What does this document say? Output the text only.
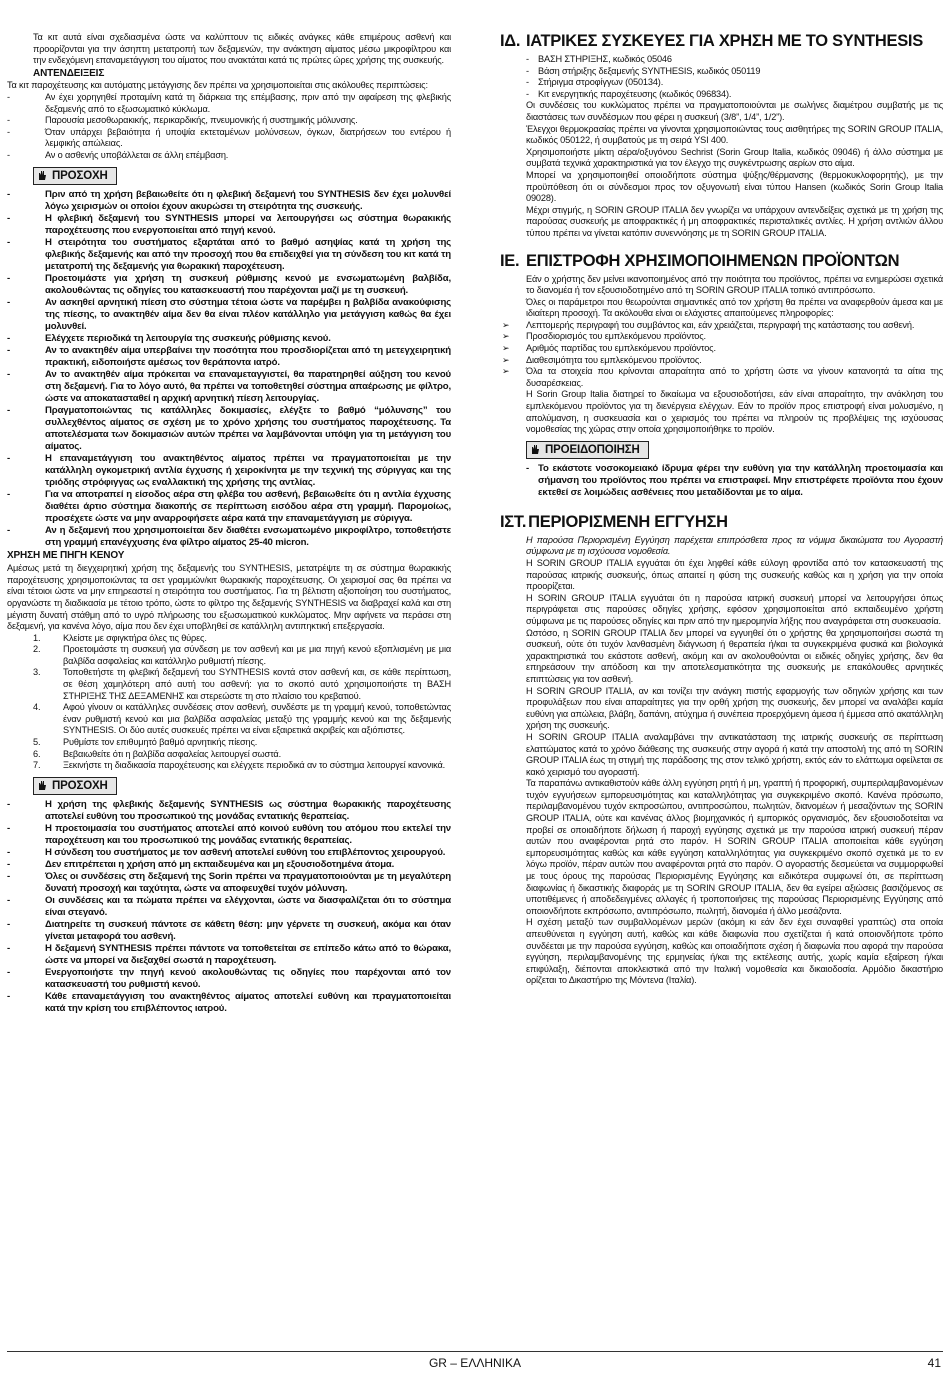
Τα κιτ αυτά είναι σχεδιασμένα ώστε να καλύπτουν τις ειδικές ανάγκες κάθε επιμέρους ασθενή και προορίζονται για την άσηπτη μετατροπή των δεξαμενών, την ανάκτηση αίματος μέσω μικροφίλτρου και την ενδεχόμενη επαναμετάγγιση του αίματος που ανακτάται κατά τις πρώτες ώρες χρήσης της συσκευής.

ΑΝΤΕΝΔΕΙΞΕΙΣ

Τα κιτ παροχέτευσης και αυτόματης μετάγγισης δεν πρέπει να χρησιμοποιείται στις ακόλουθες περιπτώσεις:

-	Αν έχει χορηγηθεί προταμίνη κατά τη διάρκεια της επέμβασης, πριν από την αφαίρεση της φλεβικής δεξαμενής από το εξωσωματικό κύκλωμα.
-	Παρουσία μεσοθωρακικής, περικαρδικής, πνευμονικής ή συστημικής μόλυνσης.
-	Όταν υπάρχει βεβαιότητα ή υποψία εκτεταμένων μολύνσεων, όγκων, διατρήσεων του εντέρου ή λεμφικής απώλειας.
-	Αν ο ασθενής υποβάλλεται σε άλλη επέμβαση.
ΠΡΟΣΟΧΗ
-	Πριν από τη χρήση βεβαιωθείτε ότι η φλεβική δεξαμενή του SYNTHESIS δεν έχει μολυνθεί λόγω χειρισμών οι οποίοι έχουν ακυρώσει τη στειρότητα της συσκευής.
-	Η φλεβική δεξαμενή του SYNTHESIS μπορεί να λειτουργήσει ως σύστημα θωρακικής παροχέτευσης που ενεργοποιείται από πηγή κενού.
-	Η στειρότητα του συστήματος εξαρτάται από το βαθμό ασηψίας κατά τη χρήση της φλεβικής δεξαμενής και από την προσοχή που θα επιδειχθεί για τη σύνδεση του κιτ κατά τη μετατροπή της δεξαμενής για θωρακική παροχέτευση.
-	Προετοιμάστε για χρήση τη συσκευή ρύθμισης κενού με ενσωματωμένη βαλβίδα, ακολουθώντας τις οδηγίες του κατασκευαστή που παρέχονται μαζί με τη συσκευή.
-	Αν ασκηθεί αρνητική πίεση στο σύστημα τέτοια ώστε να παρέμβει η βαλβίδα ανακούφισης της πίεσης, το ανακτηθέν αίμα δεν θα είναι πλέον κατάλληλο για μετάγγιση καθώς θα έχει μολυνθεί.
-	Ελέγχετε περιοδικά τη λειτουργία της συσκευής ρύθμισης κενού.
-	Αν το ανακτηθέν αίμα υπερβαίνει την ποσότητα που προσδιορίζεται από τη μετεγχειρητική πρακτική, ειδοποιήστε αμέσως τον θεράποντα ιατρό.
-	Αν το ανακτηθέν αίμα πρόκειται να επαναμεταγγιστεί, θα παρατηρηθεί αύξηση του κενού στη δεξαμενή. Για το λόγο αυτό, θα πρέπει να τοποθετηθεί σύστημα απαέρωσης με φίλτρο, ώστε να αποκατασταθεί η αρχική αρνητική πίεση λειτουργίας.
-	Πραγματοποιώντας τις κατάλληλες δοκιμασίες, ελέγξτε το βαθμό “μόλυνσης” του συλλεχθέντος αίματος σε σχέση με το χρόνο χρήσης του συστήματος παροχέτευσης. Τα αποτελέσματα των δοκιμασιών αυτών πρέπει να λαμβάνονται υπόψη για τη μετάγγιση του αίματος.
-	Η επαναμετάγγιση του ανακτηθέντος αίματος πρέπει να πραγματοποιείται με την κατάλληλη ογκομετρική αντλία έγχυσης ή χειροκίνητα με την τεχνική της σύριγγας και της τριόδης στρόφιγγας ως εναλλακτική της χρήσης της αντλίας.
-	Για να αποτραπεί η είσοδος αέρα στη φλέβα του ασθενή, βεβαιωθείτε ότι η αντλία έγχυσης διαθέτει άρτιο σύστημα διακοπής σε περίπτωση εισόδου αέρα στη γραμμή. Παρομοίως, προσέχετε ώστε να μην αναρροφήσετε αέρα κατά την επαναμετάγγιση με σύριγγα.
-	Αν η δεξαμενή που χρησιμοποιείται δεν διαθέτει ενσωματωμένο μικροφίλτρο, τοποθετήστε στη γραμμή επανέγχυσης ένα φίλτρο αίματος 25-40 micron.
ΧΡΗΣΗ ΜΕ ΠΗΓΗ ΚΕΝΟΥ

Αμέσως μετά τη διεγχειρητική χρήση της δεξαμενής του SYNTHESIS, μετατρέψτε τη σε σύστημα θωρακικής παροχέτευσης χρησιμοποιώντας τα σετ γραμμών/κιτ θωρακικής παροχέτευσης. Οι χειρισμοί σας θα πρέπει να είναι τέτοιοι ώστε να μην επηρεαστεί η στειρότητα του συστήματος. Για τη βέλτιστη αξιοποίηση του συστήματος, οργανώστε τη διαδικασία με τέτοιο τρόπο, ώστε το φίλτρο της δεξαμενής SYNTHESIS να διαβραχεί καλά και στη μέγιστη δυνατή στάθμη από το υγρό πλήρωσης του εξωσωματικού κυκλώματος. Μην αφήνετε να περάσει στη δεξαμενή, για κανένα λόγο, αίμα που δεν έχει υποβληθεί σε κατάλληλη αντιπηκτική επεξεργασία.

1. Κλείστε με σφιγκτήρα όλες τις θύρες.
2. Προετοιμάστε τη συσκευή για σύνδεση με τον ασθενή και με μια πηγή κενού εξοπλισμένη με μια βαλβίδα ασφαλείας και κατάλληλο ρυθμιστή πίεσης.
3. Τοποθετήστε τη φλεβική δεξαμενή του SYNTHESIS κοντά στον ασθενή και, σε κάθε περίπτωση, σε θέση χαμηλότερη από αυτή του ασθενή: για το σκοπό αυτό χρησιμοποιήστε τη ΒΑΣΗ ΣΤΗΡΙΞΗΣ ΤΗΣ ΔΕΞΑΜΕΝΗΣ και στερεώστε τη στο πλαίσιο του κρεβατιού.
4. Αφού γίνουν οι κατάλληλες συνδέσεις στον ασθενή, συνδέστε με τη γραμμή κενού, τοποθετώντας έναν ρυθμιστή κενού και μια βαλβίδα ασφαλείας μεταξύ της γραμμής κενού και της δεξαμενής SYNTHESIS. Οι δύο αυτές συσκευές πρέπει να είναι εξαιρετικά ακριβείς και αξιόπιστες.
5. Ρυθμίστε τον επιθυμητό βαθμό αρνητικής πίεσης.
6. Βεβαιωθείτε ότι η βαλβίδα ασφαλείας λειτουργεί σωστά.
7. Ξεκινήστε τη διαδικασία παροχέτευσης και ελέγχετε περιοδικά αν το σύστημα λειτουργεί κανονικά.
ΠΡΟΣΟΧΗ
-	Η χρήση της φλεβικής δεξαμενής SYNTHESIS ως σύστημα θωρακικής παροχέτευσης αποτελεί ευθύνη του προσωπικού της μονάδας εντατικής θεραπείας.
-	Η προετοιμασία του συστήματος αποτελεί από κοινού ευθύνη του ατόμου που εκτελεί την παροχέτευση και του προσωπικού της μονάδας εντατικής θεραπείας.
-	Η σύνδεση του συστήματος με τον ασθενή αποτελεί ευθύνη του επιβλέποντος χειρουργού.
-	Δεν επιτρέπεται η χρήση από μη εκπαιδευμένα και μη εξουσιοδοτημένα άτομα.
-	Όλες οι συνδέσεις στη δεξαμενή της Sorin πρέπει να πραγματοποιούνται με τη μεγαλύτερη δυνατή προσοχή και ταχύτητα, ώστε να αποφευχθεί τυχόν μόλυνση.
-	Οι συνδέσεις και τα πώματα πρέπει να ελέγχονται, ώστε να διασφαλίζεται ότι το σύστημα είναι στεγανό.
-	Διατηρείτε τη συσκευή πάντοτε σε κάθετη θέση: μην γέρνετε τη συσκευή, ακόμα και όταν γίνεται μεταφορά του ασθενή.
-	Η δεξαμενή SYNTHESIS πρέπει πάντοτε να τοποθετείται σε επίπεδο κάτω από το θώρακα, ώστε να μπορεί να διεξαχθεί σωστά η παροχέτευση.
-	Ενεργοποιήστε την πηγή κενού ακολουθώντας τις οδηγίες που παρέχονται από τον κατασκευαστή του ρυθμιστή κενού.
-	Κάθε επαναμετάγγιση του ανακτηθέντος αίματος αποτελεί ευθύνη και πραγματοποιείται κατά την κρίση του επιβλέποντος ιατρού.
ΙΔ. ΙΑΤΡΙΚΕΣ ΣΥΣΚΕΥΕΣ ΓΙΑ ΧΡΗΣΗ ΜΕ ΤΟ SYNTHESIS
- ΒΑΣΗ ΣΤΗΡΙΞΗΣ, κωδικός 05046
- Βάση στήριξης δεξαμενής SYNTHESIS, κωδικός 050119
- Στήριγμα στροφίγγων (050134).
- Κιτ ενεργητικής παροχέτευσης (κωδικός 096834).

Οι συνδέσεις του κυκλώματος πρέπει να πραγματοποιούνται με σωλήνες διαμέτρου συμβατής με τις διαστάσεις των συνδέσμων που φέρει η συσκευή (3/8”, 1/4”, 1/2”).

Έλεγχοι θερμοκρασίας πρέπει να γίνονται χρησιμοποιώντας τους αισθητήρες της SORIN GROUP ITALIA, κωδικός 050122, ή συμβατούς με τη σειρά YSI 400.

Χρησιμοποιήστε μίκτη αέρα/οξυγόνου Sechrist (Sorin Group Italia, κωδικός 09046) ή άλλο σύστημα με συμβατά τεχνικά χαρακτηριστικά για τον έλεγχο της συγκέντρωσης αερίων στο αίμα.

Μπορεί να χρησιμοποιηθεί οποιοδήποτε σύστημα ψύξης/θέρμανσης (θερμοκυκλοφορητής), με την προϋπόθεση ότι οι σύνδεσμοι προς τον οξυγονωτή είναι τύπου Hansen (κωδικός Sorin Group Italia 09028).

Μέχρι στιγμής, η SORIN GROUP ITALIA δεν γνωρίζει να υπάρχουν αντενδείξεις σχετικά με τη χρήση της παρούσας συσκευής με αποφρακτικές ή μη αποφρακτικές περισταλτικές αντλίες. Η χρήση αντλιών άλλου τύπου πρέπει να γίνεται κατόπιν συνεννόησης με τη SORIN GROUP ITALIA.

ΙΕ. ΕΠΙΣΤΡΟΦΗ ΧΡΗΣΙΜΟΠΟΙΗΜΕΝΩΝ ΠΡΟΪΟΝΤΩΝ

Εάν ο χρήστης δεν μείνει ικανοποιημένος από την ποιότητα του προϊόντος, πρέπει να ενημερώσει σχετικά το διανομέα ή τον εξουσιοδοτημένο από τη SORIN GROUP ITALIA τοπικό αντιπρόσωπο.

Όλες οι παράμετροι που θεωρούνται σημαντικές από τον χρήστη θα πρέπει να αναφερθούν άμεσα και με ιδιαίτερη προσοχή. Τα ακόλουθα είναι οι ελάχιστες απαιτούμενες πληροφορίες:

➢ Λεπτομερής περιγραφή του συμβάντος και, εάν χρειάζεται, περιγραφή της κατάστασης του ασθενή.
➢ Προσδιορισμός του εμπλεκόμενου προϊόντος.
➢ Αριθμός παρτίδας του εμπλεκόμενου προϊόντος.
➢ Διαθεσιμότητα του εμπλεκόμενου προϊόντος.
➢ Όλα τα στοιχεία που κρίνονται απαραίτητα από το χρήστη ώστε να γίνουν κατανοητά τα αίτια της δυσαρέσκειας.

Η Sorin Group Italia διατηρεί το δικαίωμα να εξουσιοδοτήσει, εάν είναι απαραίτητο, την ανάκληση του εμπλεκόμενου προϊόντος για τη διενέργεια ελέγχων. Εάν το προϊόν προς επιστροφή είναι μολυσμένο, η απολύμανση, η συσκευασία και ο χειρισμός του πρέπει να πληρούν τις προβλέψεις της ισχύουσας νομοθεσίας της χώρας στην οποία χρησιμοποιήθηκε το προϊόν.

ΠΡΟΕΙΔΟΠΟΙΗΣΗ
- Το εκάστοτε νοσοκομειακό ίδρυμα φέρει την ευθύνη για την κατάλληλη προετοιμασία και σήμανση του προϊόντος που πρέπει να επιστραφεί. Μην επιστρέφετε προϊόντα που έχουν εκτεθεί σε λοιμώδεις ασθένειες που μεταδίδονται με το αίμα.
ΙΣΤ. ΠΕΡΙΟΡΙΣΜΕΝΗ ΕΓΓΥΗΣΗ

Η παρούσα Περιορισμένη Εγγύηση παρέχεται επιπρόσθετα προς τα νόμιμα δικαιώματα του Αγοραστή σύμφωνα με τη ισχύουσα νομοθεσία.

Η SORIN GROUP ITALIA εγγυάται ότι έχει ληφθεί κάθε εύλογη φροντίδα από τον κατασκευαστή της παρούσας ιατρικής συσκευής, όπως απαιτεί η φύση της συσκευής καθώς και η χρήση για την οποία προορίζεται.

Η SORIN GROUP ITALIA εγγυάται ότι η παρούσα ιατρική συσκευή μπορεί να λειτουργήσει όπως περιγράφεται στις παρούσες οδηγίες χρήσης, εφόσον χρησιμοποιείται από εκπαιδευμένο χρήστη σύμφωνα με τις παρούσες οδηγίες και πριν από την ημερομηνία λήξης που αναγράφεται στη συσκευασία.

Ωστόσο, η SORIN GROUP ITALIA δεν μπορεί να εγγυηθεί ότι ο χρήστης θα χρησιμοποιήσει σωστά τη συσκευή, ούτε ότι τυχόν λανθασμένη διάγνωση ή θεραπεία ή/και τα συγκεκριμένα φυσικά και βιολογικά χαρακτηριστικά του εκάστοτε ασθενή, ακόμη και αν ακολουθούνται οι ειδικές οδηγίες χρήσης, δεν θα επηρεάσουν την απόδοση και την αποτελεσματικότητα της συσκευής με επακόλουθες αρνητικές επιπτώσεις για τον ασθενή.

Η SORIN GROUP ITALIA, αν και τονίζει την ανάγκη πιστής εφαρμογής των οδηγιών χρήσης και των προφυλάξεων που είναι απαραίτητες για την ορθή χρήση της συσκευής, δεν μπορεί να αναλάβει καμία ευθύνη για απώλεια, βλάβη, δαπάνη, ατύχημα ή συνέπεια προερχόμενη άμεσα ή έμμεσα από ακατάλληλη χρήση της συσκευής.

Η SORIN GROUP ITALIA αναλαμβάνει την αντικατάσταση της ιατρικής συσκευής σε περίπτωση ελαττώματος κατά το χρόνο διάθεσης της συσκευής στην αγορά ή κατά την αποστολή της από τη SORIN GROUP ITALIA έως τη στιγμή της παράδοσης της στον τελικό χρήστη, εκτός εάν το ελάττωμα οφείλεται σε κακό χειρισμό του αγοραστή.

Τα παραπάνω αντικαθιστούν κάθε άλλη εγγύηση ρητή ή μη, γραπτή ή προφορική, συμπεριλαμβανομένων τυχόν εγγυήσεων εμπορευσιμότητας και καταλληλότητας για συγκεκριμένο σκοπό. Κανένα πρόσωπο, περιλαμβανομένου τυχόν εκπροσώπου, αντιπροσώπου, πωλητών, διανομέων ή μεσαζόντων της SORIN GROUP ITALIA, ούτε και κανένας άλλος βιομηχανικός ή εμπορικός οργανισμός, δεν εξουσιοδοτείται να προβεί σε οποιαδήποτε δήλωση ή παροχή εγγύησης σχετικά με την παρούσα ιατρική συσκευή πέραν αυτών που αναφέρονται ρητά στο παρόν. Η SORIN GROUP ITALIA αποποιείται κάθε εγγύηση εμπορευσιμότητας καθώς και κάθε εγγύηση καταλληλότητας για συγκεκριμένο σκοπό σχετικά με το εν λόγω προϊόν, πέραν αυτών που αναφέρονται ρητά στο παρόν. Ο αγοραστής δεσμεύεται να συμμορφωθεί με τους όρους της παρούσας Περιορισμένης Εγγύησης και ειδικότερα συμφωνεί ότι, σε περίπτωση διαφωνίας ή δικαστικής διαφοράς με τη SORIN GROUP ITALIA, δεν θα εγείρει αξιώσεις βασιζόμενος σε υποτιθέμενες ή αποδεδειγμένες αλλαγές ή τροποποιήσεις της παρούσας Περιορισμένης Εγγύησης από οποιονδήποτε εκπρόσωπο, αντιπρόσωπο, πωλητή, διανομέα ή άλλο μεσάζοντα.

Η σχέση μεταξύ των συμβαλλομένων μερών (ακόμη κι εάν δεν έχει συναφθεί γραπτώς) στα οποία απευθύνεται η εγγύηση αυτή, καθώς και κάθε διαφωνία που σχετίζεται ή κατά οποιονδήποτε τρόπο συνδέεται με την παρούσα εγγύηση, καθώς και οποιαδήποτε σχέση ή διαφωνία που αφορά την παρούσα εγγύηση, περιλαμβανομένης της ερμηνείας ή/και της εκτέλεσης αυτής, χωρίς καμία εξαίρεση ή/και επιφύλαξη, διέπονται αποκλειστικά από την Ιταλική νομοθεσία και δικαιοδοσία. Αρμόδιο δικαστήριο ορίζεται το Δικαστήριο της Μόντενα (Ιταλία).

GR – ΕΛΛΗΝΙΚΑ	41
